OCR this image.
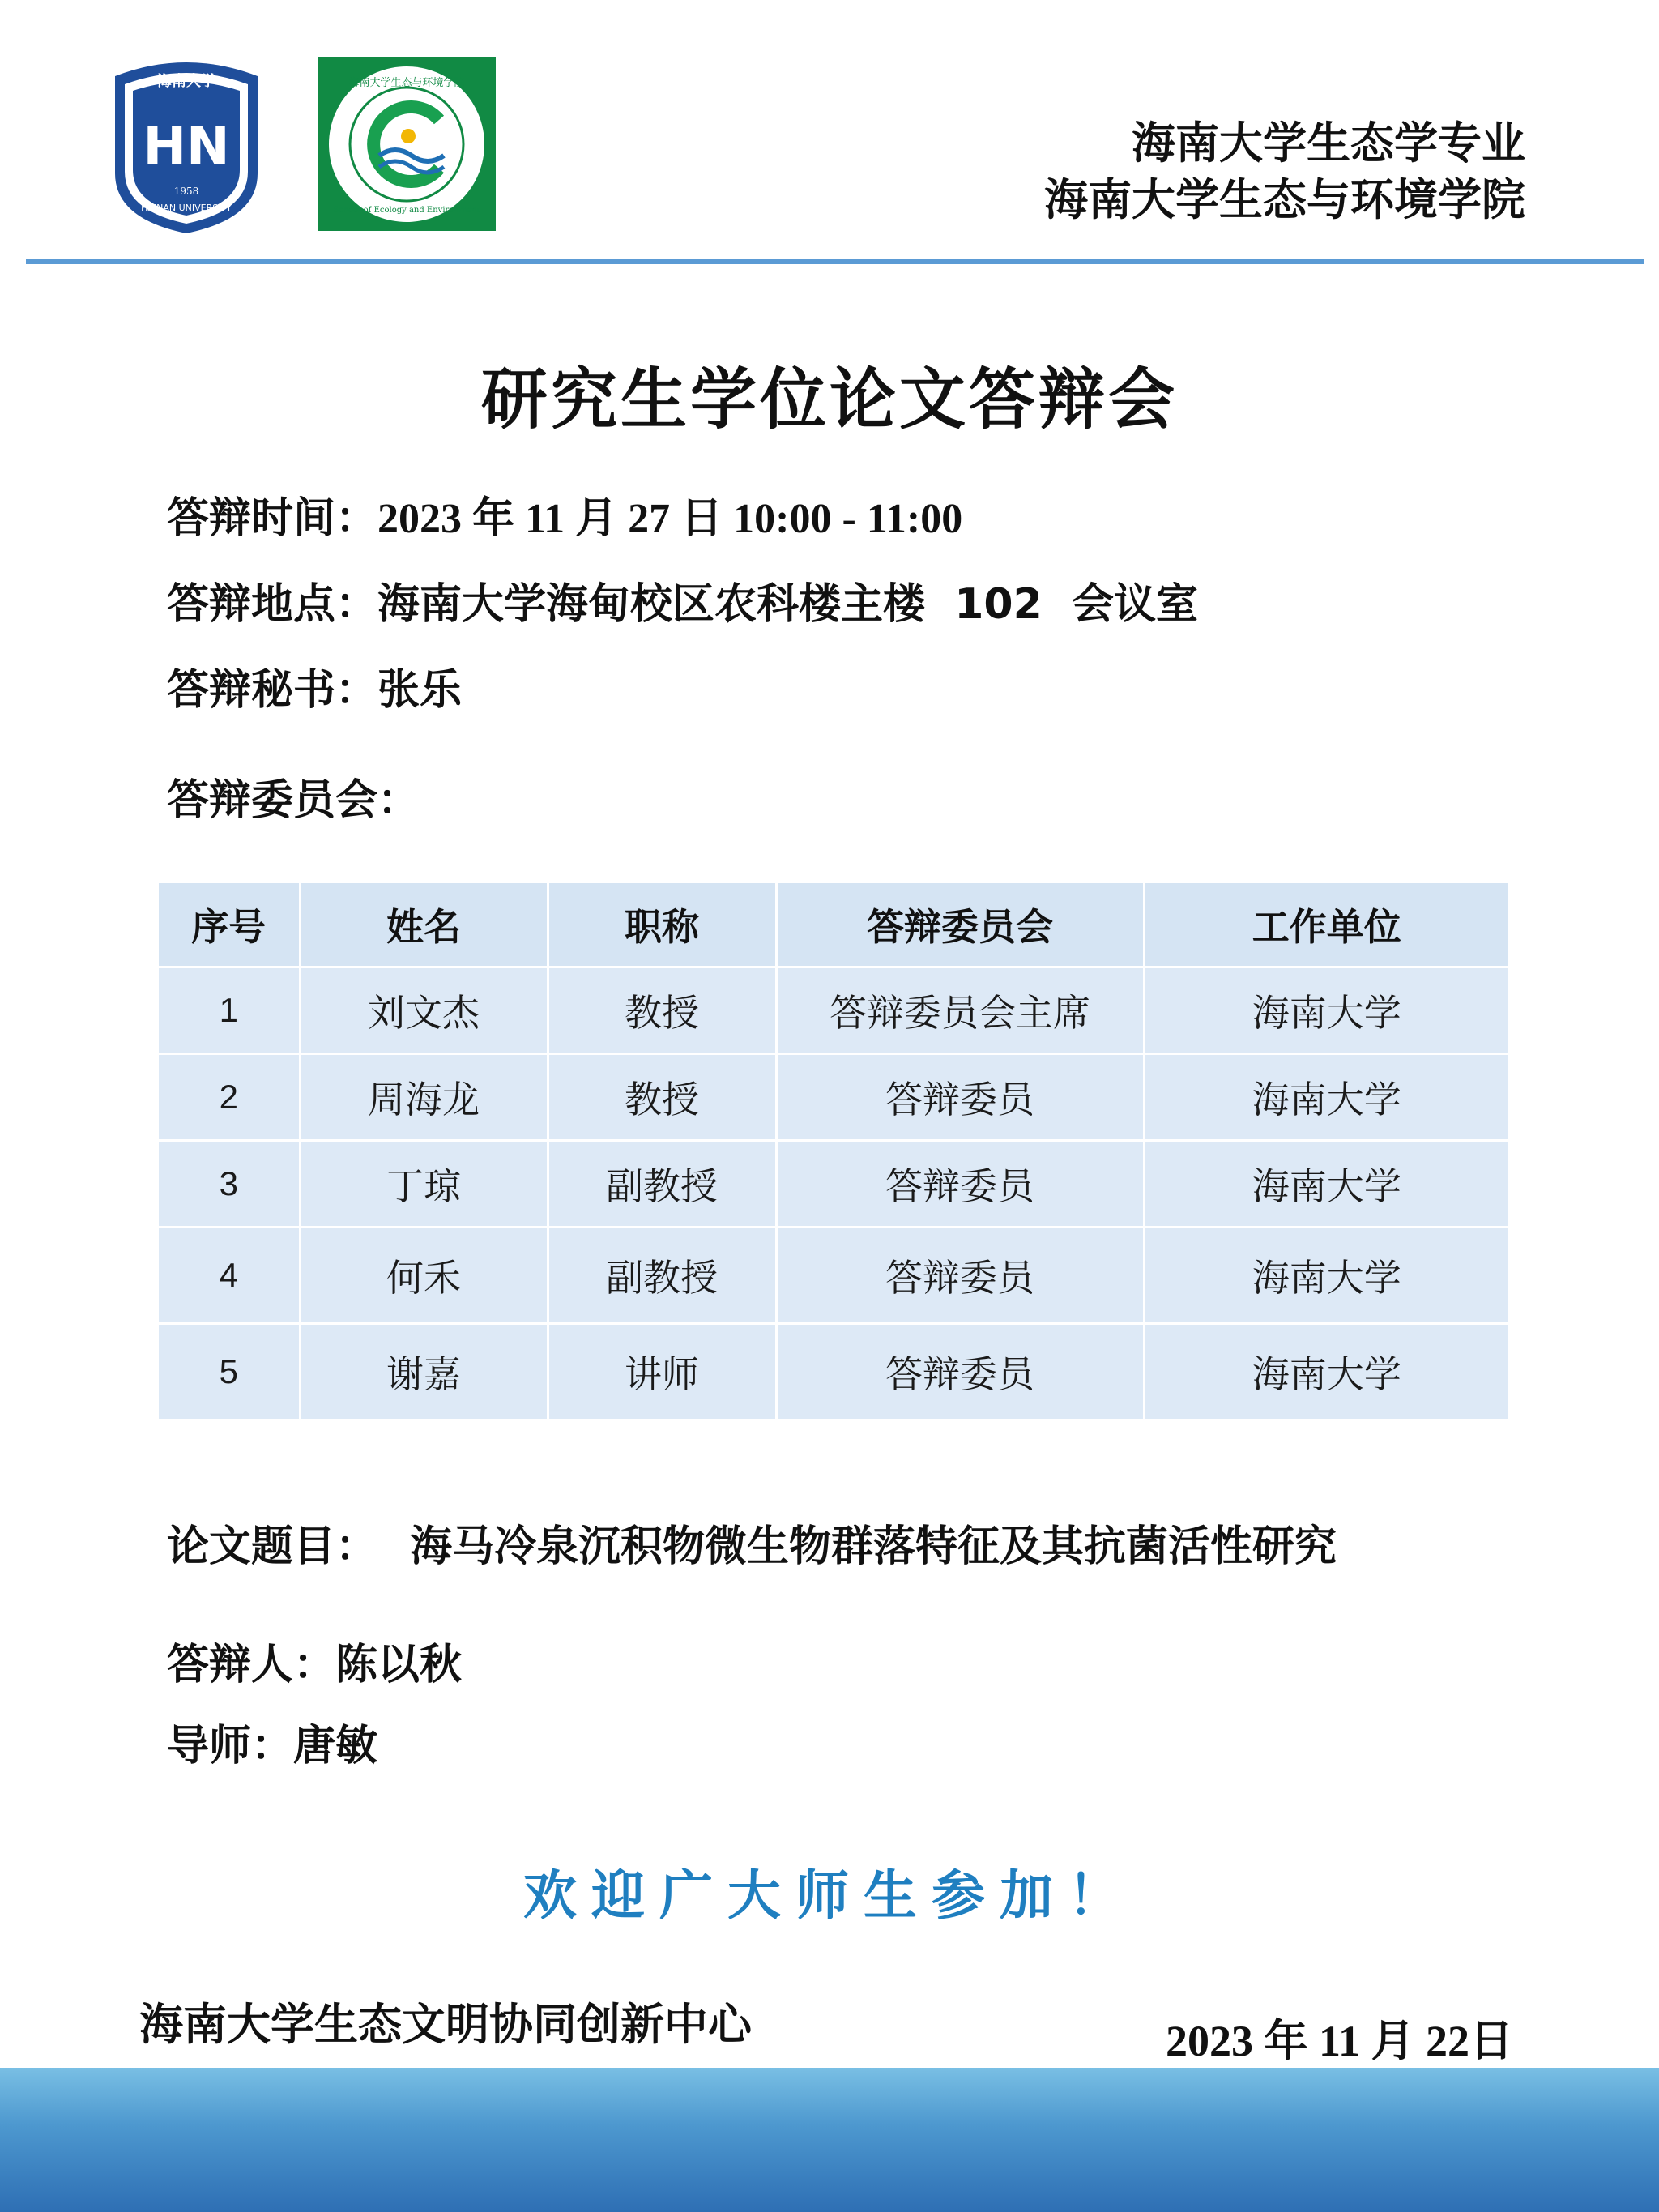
海南大学
HN
HAINAN UNIVERSITY
1958
海南大学生态与环境学院
School of Ecology and Environment
海南大学生态学专业
海南大学生态与环境学院
研究生学位论文答辩会
答辩时间：2023 年 11 月 27 日 10:00 - 11:00
答辩地点：海南大学海甸校区农科楼主楼  102  会议室
答辩秘书：张乐
答辩委员会：
序号	姓名	职称	答辩委员会	工作单位
1	刘文杰	教授	答辩委员会主席	海南大学
2	周海龙	教授	答辩委员	海南大学
3	丁琼	副教授	答辩委员	海南大学
4	何禾	副教授	答辩委员	海南大学
5	谢嘉	讲师	答辩委员	海南大学
论文题目： 海马冷泉沉积物微生物群落特征及其抗菌活性研究
答辩人：陈以秋
导师：唐敏
欢迎广大师生参加！
海南大学生态文明协同创新中心	2023 年 11 月 22日
